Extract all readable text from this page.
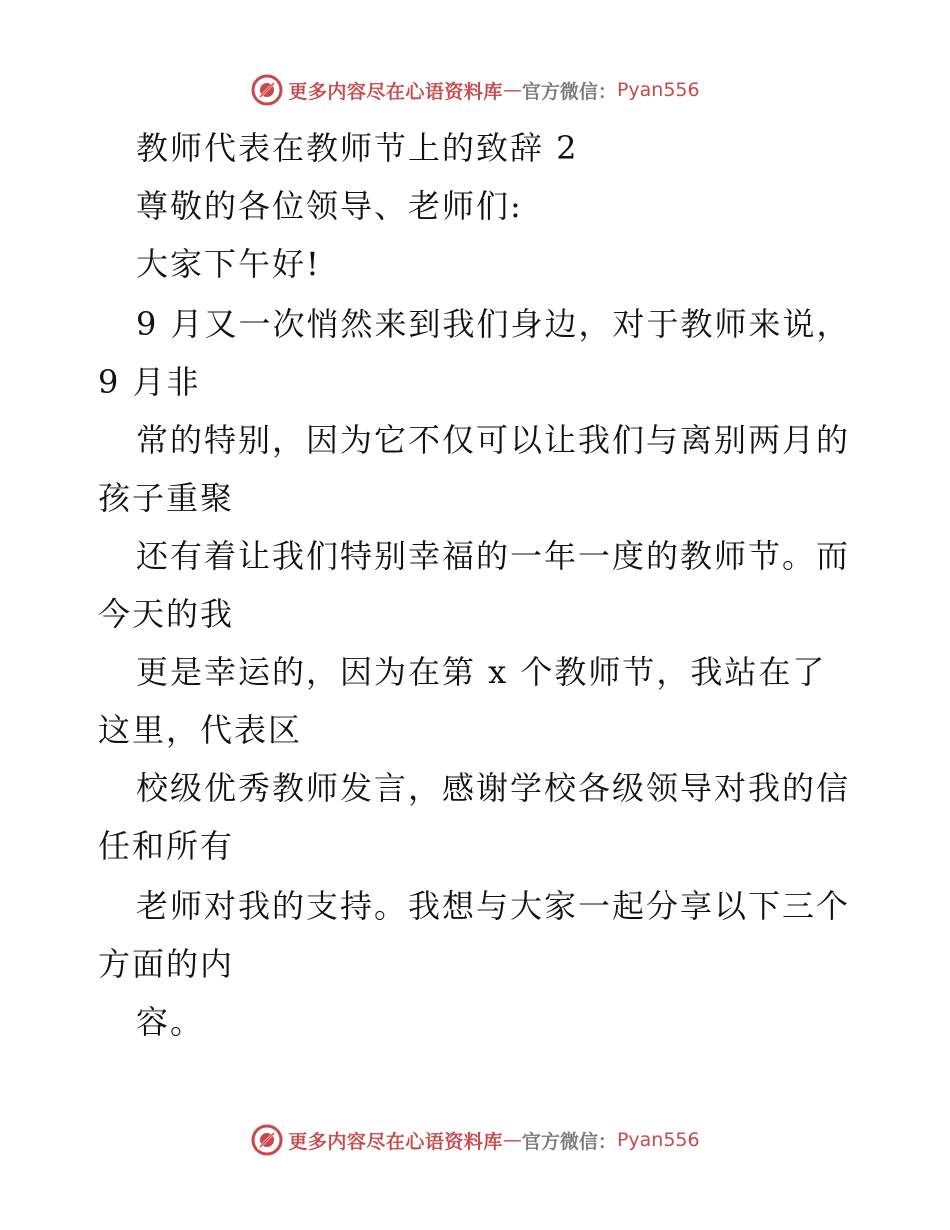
更多内容尽在心语资料库 — 官方微信： Pyan556
教师代表在教师节上的致辞 2
尊敬的各位领导、老师们:
大家下午好!
9 月又一次悄然来到我们身边，对于教师来说，
9 月非
常的特别，因为它不仅可以让我们与离别两月的
孩子重聚
还有着让我们特别幸福的一年一度的教师节。而
今天的我
更是幸运的，因为在第 x 个教师节，我站在了
这里，代表区
校级优秀教师发言，感谢学校各级领导对我的信
任和所有
老师对我的支持。我想与大家一起分享以下三个
方面的内
容。
更多内容尽在心语资料库 — 官方微信： Pyan556
